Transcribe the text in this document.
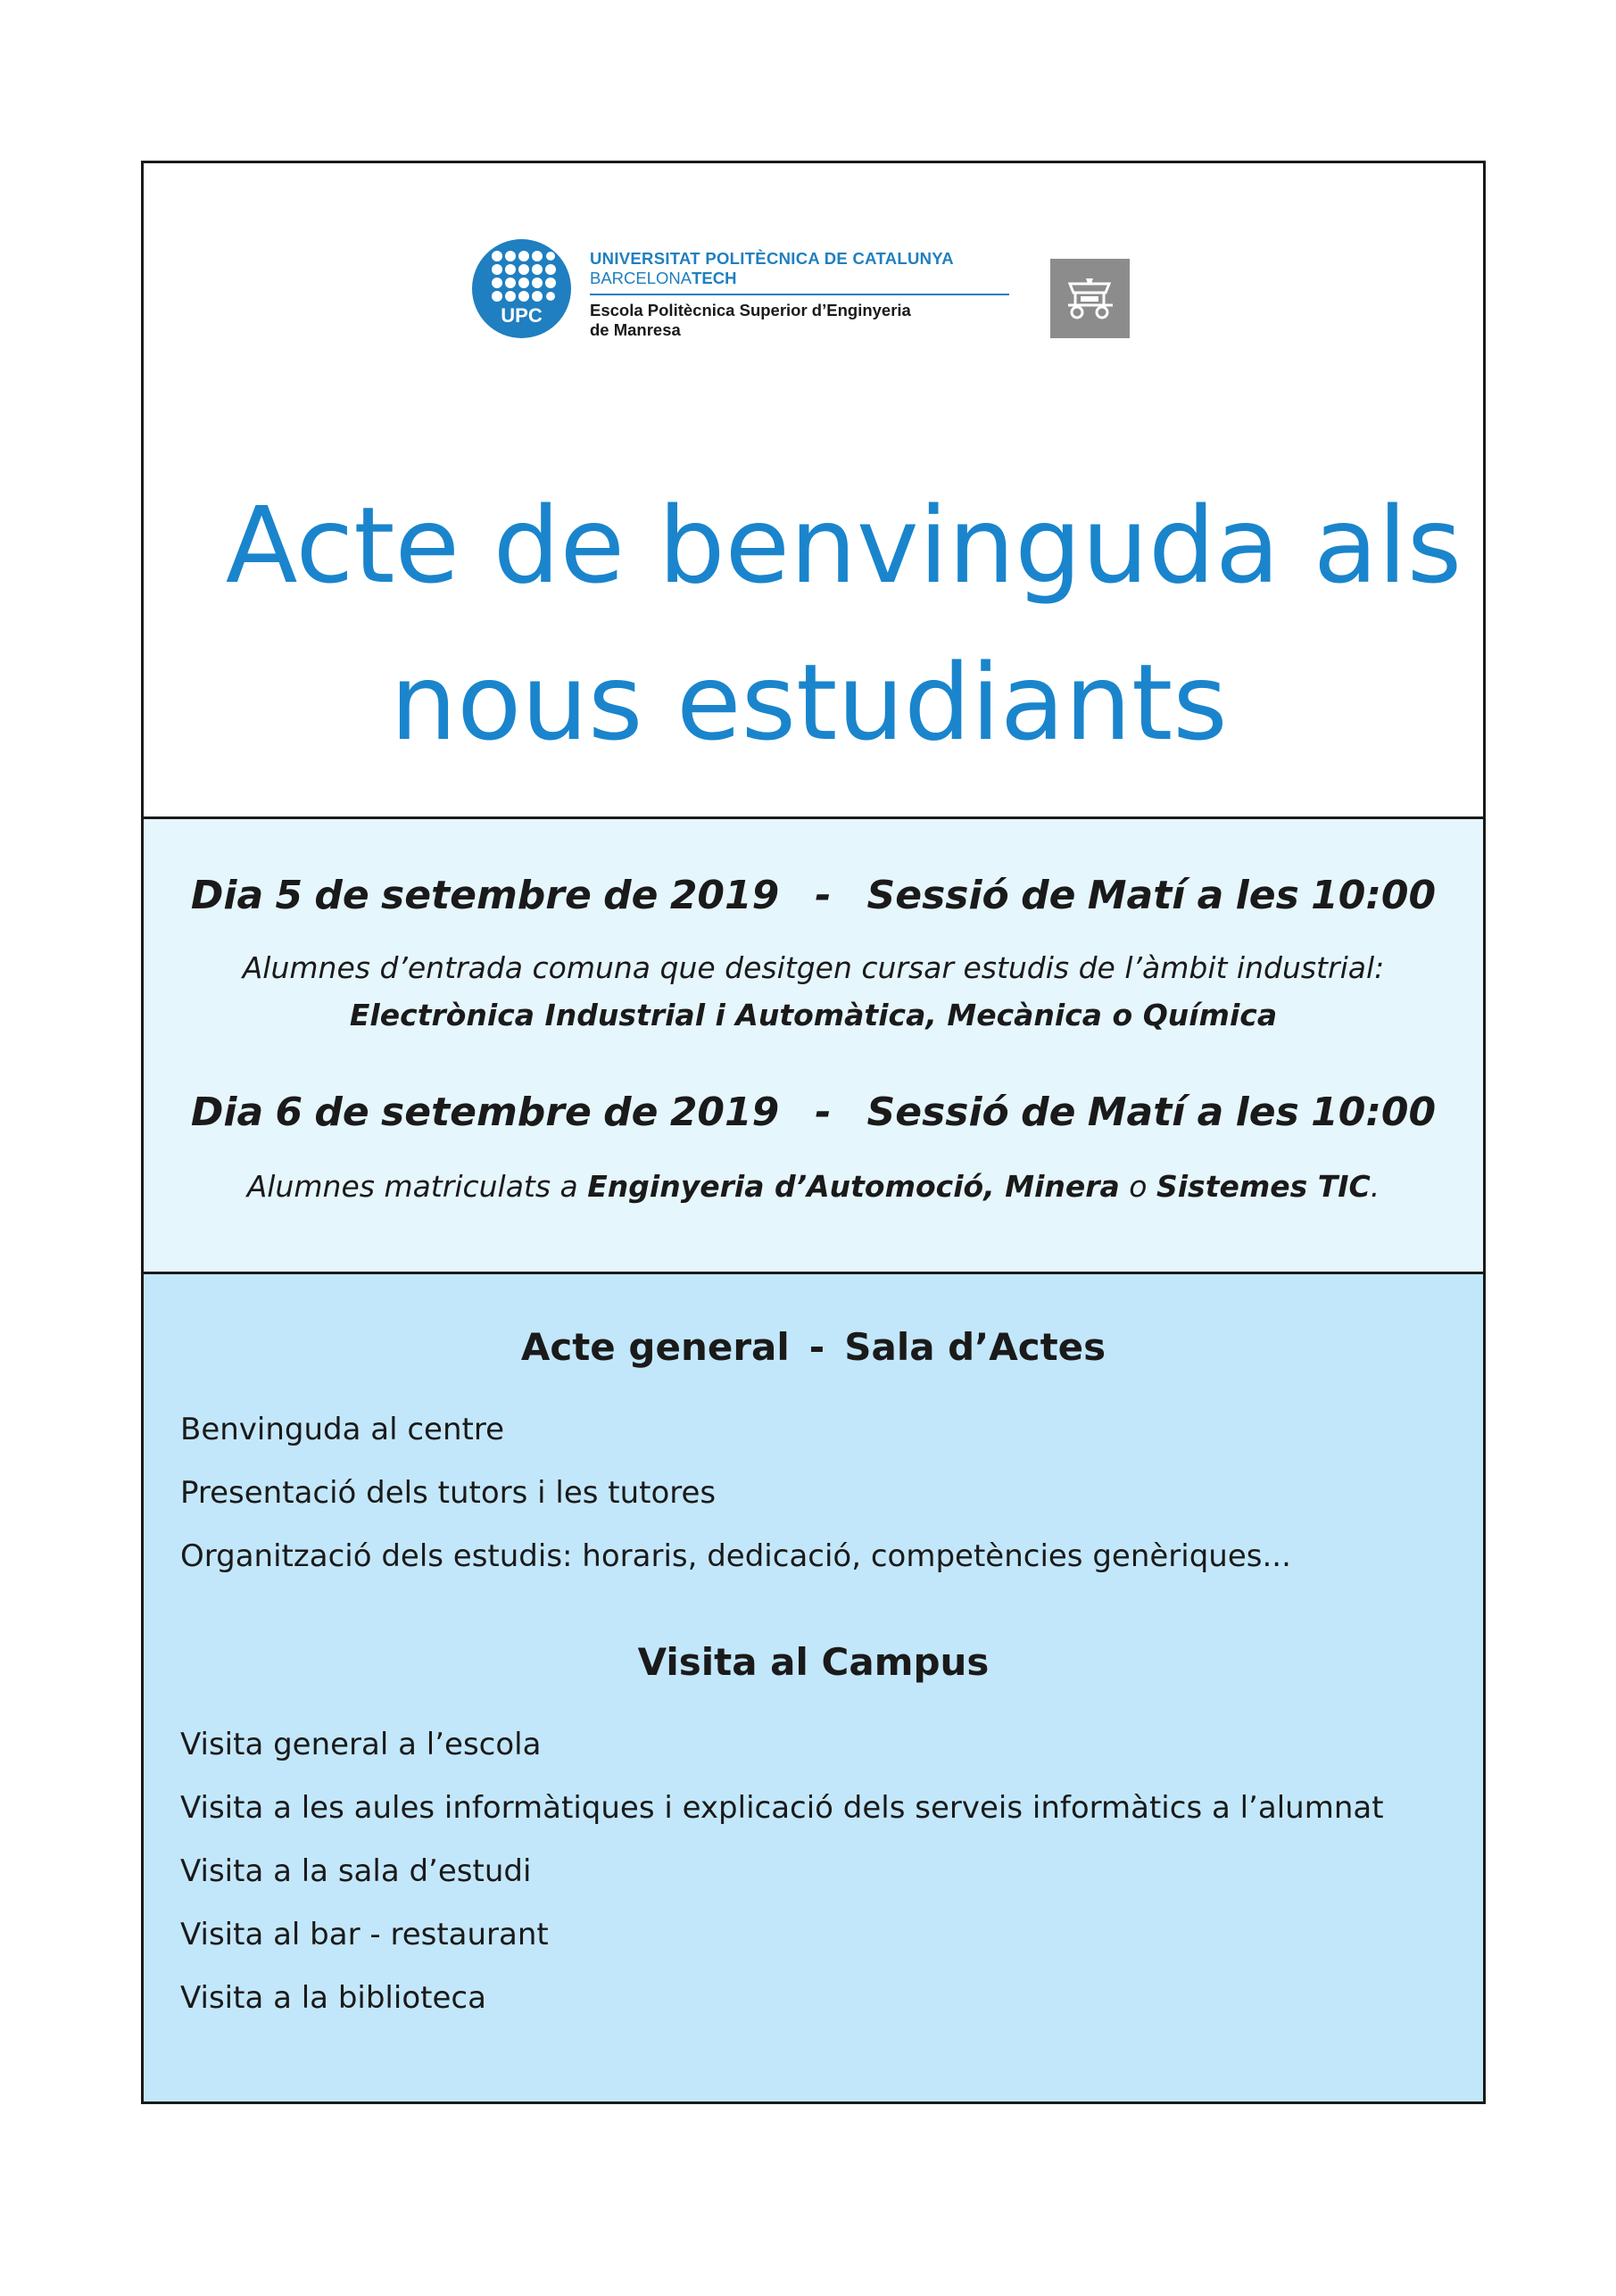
UPC
UNIVERSITAT POLITÈCNICA DE CATALUNYA
BARCELONATECH
Escola Politècnica Superior d’Enginyeria
de Manresa
Acte de benvinguda als
nous estudiants
Dia 5 de setembre de 2019 - Sessió de Matí a les 10:00
Alumnes d’entrada comuna que desitgen cursar estudis de l’àmbit industrial:
Electrònica Industrial i Automàtica, Mecànica o Química
Dia 6 de setembre de 2019 - Sessió de Matí a les 10:00
Alumnes matriculats a Enginyeria d’Automoció, Minera o Sistemes TIC.
Acte general - Sala d’Actes
Benvinguda al centre
Presentació dels tutors i les tutores
Organització dels estudis: horaris, dedicació, competències genèriques...
Visita al Campus
Visita general a l’escola
Visita a les aules informàtiques i explicació dels serveis informàtics a l’alumnat
Visita a la sala d’estudi
Visita al bar - restaurant
Visita a la biblioteca
